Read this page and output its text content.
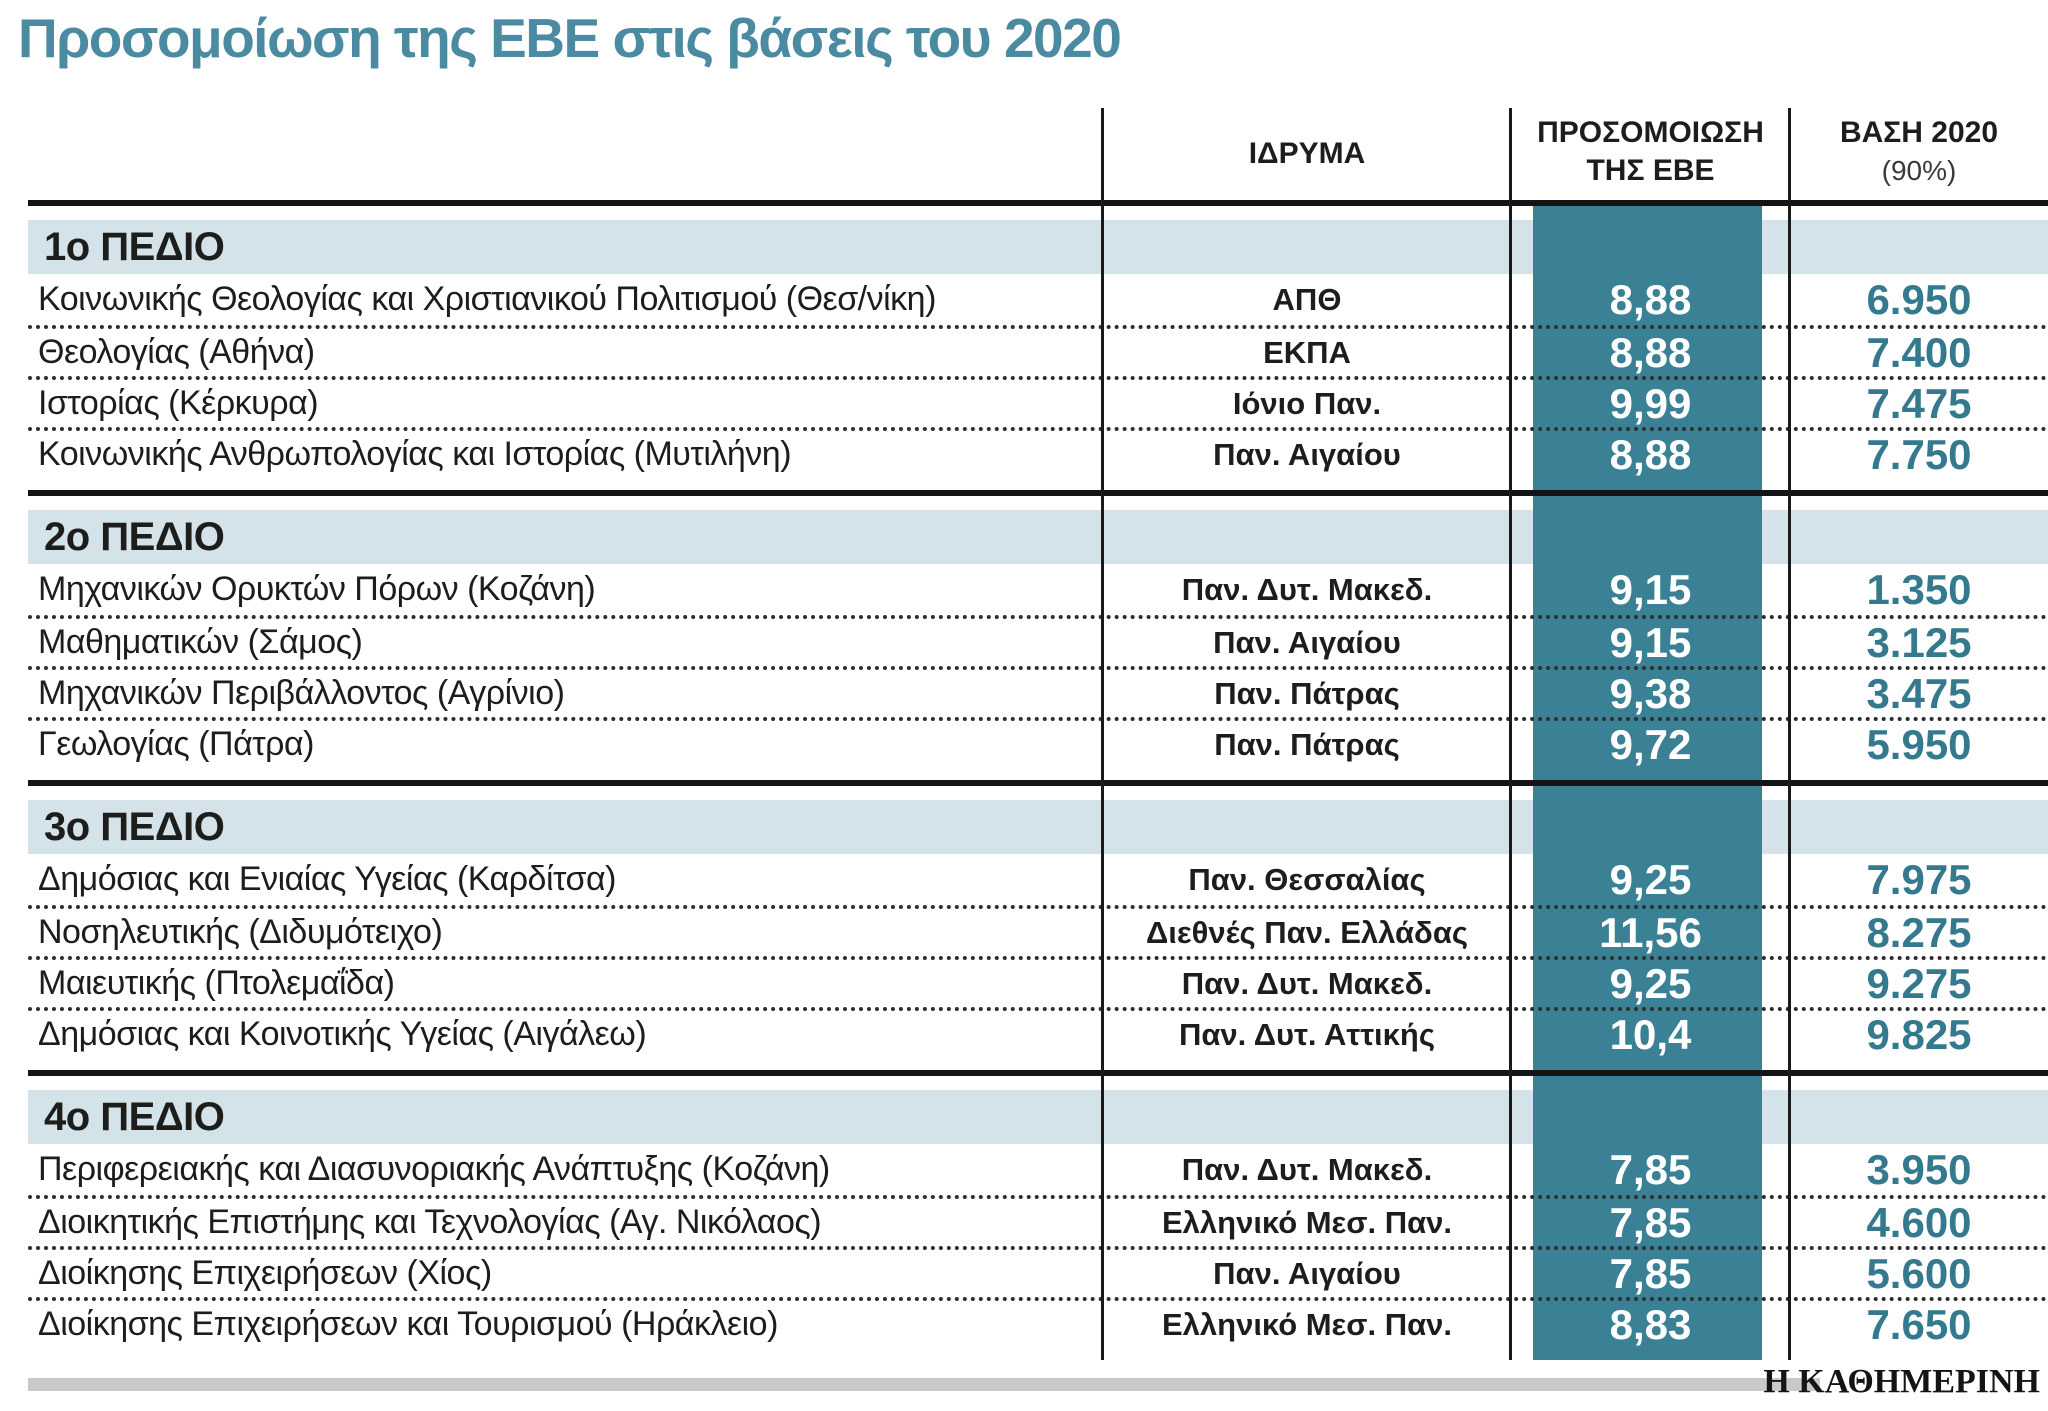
Προσομοίωση της ΕΒΕ στις βάσεις του 2020
ΙΔΡΥΜΑ
ΠΡΟΣΟΜΟΙΩΣΗ
ΤΗΣ ΕΒΕ
ΒΑΣΗ 2020
(90%)
1ο ΠΕΔΙΟ
Κοινωνικής Θεολογίας και Χριστιανικού Πολιτισμού (Θεσ/νίκη)	ΑΠΘ	8,88	6.950
Θεολογίας (Αθήνα)	ΕΚΠΑ	8,88	7.400
Ιστορίας (Κέρκυρα)	Ιόνιο Παν.	9,99	7.475
Κοινωνικής Ανθρωπολογίας και Ιστορίας (Μυτιλήνη)	Παν. Αιγαίου	8,88	7.750
2ο ΠΕΔΙΟ
Μηχανικών Ορυκτών Πόρων (Κοζάνη)	Παν. Δυτ. Μακεδ.	9,15	1.350
Μαθηματικών (Σάμος)	Παν. Αιγαίου	9,15	3.125
Μηχανικών Περιβάλλοντος (Αγρίνιο)	Παν. Πάτρας	9,38	3.475
Γεωλογίας (Πάτρα)	Παν. Πάτρας	9,72	5.950
3ο ΠΕΔΙΟ
Δημόσιας και Ενιαίας Υγείας (Καρδίτσα)	Παν. Θεσσαλίας	9,25	7.975
Νοσηλευτικής (Διδυμότειχο)	Διεθνές Παν. Ελλάδας	11,56	8.275
Μαιευτικής (Πτολεμαΐδα)	Παν. Δυτ. Μακεδ.	9,25	9.275
Δημόσιας και Κοινοτικής Υγείας (Αιγάλεω)	Παν. Δυτ. Αττικής	10,4	9.825
4ο ΠΕΔΙΟ
Περιφερειακής και Διασυνοριακής Ανάπτυξης (Κοζάνη)	Παν. Δυτ. Μακεδ.	7,85	3.950
Διοικητικής Επιστήμης και Τεχνολογίας (Αγ. Νικόλαος)	Ελληνικό Μεσ. Παν.	7,85	4.600
Διοίκησης Επιχειρήσεων (Χίος)	Παν. Αιγαίου	7,85	5.600
Διοίκησης Επιχειρήσεων και Τουρισμού (Ηράκλειο)	Ελληνικό Μεσ. Παν.	8,83	7.650
Η ΚΑΘΗΜΕΡΙΝΗ
